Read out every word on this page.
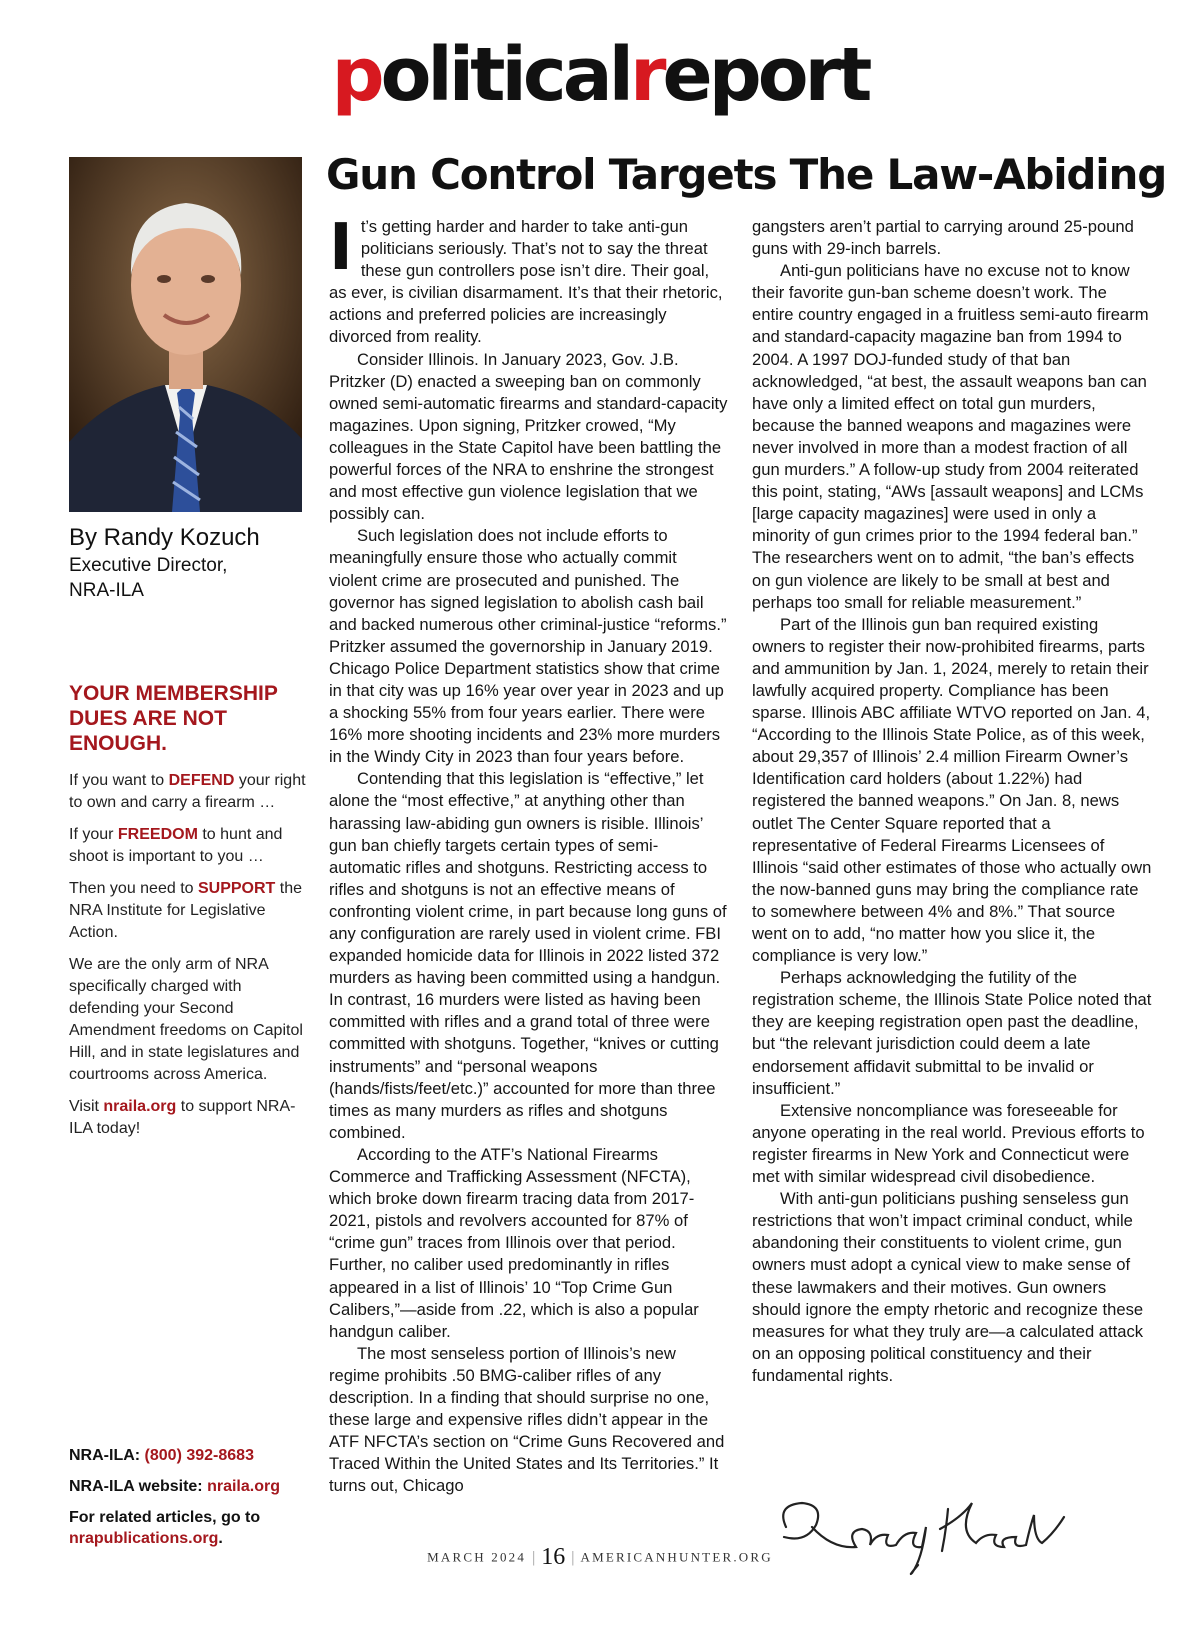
politicalreport
Gun Control Targets The Law-Abiding
By Randy Kozuch
Executive Director,
NRA-ILA
YOUR MEMBERSHIP DUES ARE NOT ENOUGH.

If you want to DEFEND your right to own and carry a firearm …

If your FREEDOM to hunt and shoot is important to you …

Then you need to SUPPORT the NRA Institute for Legislative Action.

We are the only arm of NRA specifically charged with defending your Second Amendment freedoms on Capitol Hill, and in state legislatures and courtrooms across America.

Visit nraila.org to support NRA-ILA today!

NRA-ILA: (800) 392-8683

NRA-ILA website: nraila.org

For related articles, go to nrapublications.org.

I t’s getting harder and harder to take anti-gun politicians seriously. That’s not to say the threat these gun controllers pose isn’t dire. Their goal, as ever, is civilian disarmament. It’s that their rhetoric, actions and preferred policies are increasingly divorced from reality.

Consider Illinois. In January 2023, Gov. J.B. Pritzker (D) enacted a sweeping ban on commonly owned semi-automatic firearms and standard-capacity magazines. Upon signing, Pritzker crowed, “My colleagues in the State Capitol have been battling the powerful forces of the NRA to enshrine the strongest and most effective gun violence legislation that we possibly can.

Such legislation does not include efforts to meaningfully ensure those who actually commit violent crime are prosecuted and punished. The governor has signed legislation to abolish cash bail and backed numerous other criminal-justice “reforms.” Pritzker assumed the governorship in January 2019. Chicago Police Department statistics show that crime in that city was up 16% year over year in 2023 and up a shocking 55% from four years earlier. There were 16% more shooting incidents and 23% more murders in the Windy City in 2023 than four years before.

Contending that this legislation is “effective,” let alone the “most effective,” at anything other than harassing law-abiding gun owners is risible. Illinois’ gun ban chiefly targets certain types of semi-automatic rifles and shotguns. Restricting access to rifles and shotguns is not an effective means of confronting violent crime, in part because long guns of any configuration are rarely used in violent crime. FBI expanded homicide data for Illinois in 2022 listed 372 murders as having been committed using a handgun. In contrast, 16 murders were listed as having been committed with rifles and a grand total of three were committed with shotguns. Together, “knives or cutting instruments” and “personal weapons (hands/fists/feet/etc.)” accounted for more than three times as many murders as rifles and shotguns combined.

According to the ATF’s National Firearms Commerce and Trafficking Assessment (NFCTA), which broke down firearm tracing data from 2017-2021, pistols and revolvers accounted for 87% of “crime gun” traces from Illinois over that period. Further, no caliber used predominantly in rifles appeared in a list of Illinois’ 10 “Top Crime Gun Calibers,”—aside from .22, which is also a popular handgun caliber.

The most senseless portion of Illinois’s new regime prohibits .50 BMG-caliber rifles of any description. In a finding that should surprise no one, these large and expensive rifles didn’t appear in the ATF NFCTA’s section on “Crime Guns Recovered and Traced Within the United States and Its Territories.” It turns out, Chicago

gangsters aren’t partial to carrying around 25-pound guns with 29-inch barrels.

Anti-gun politicians have no excuse not to know their favorite gun-ban scheme doesn’t work. The entire country engaged in a fruitless semi-auto firearm and standard-capacity magazine ban from 1994 to 2004. A 1997 DOJ-funded study of that ban acknowledged, “at best, the assault weapons ban can have only a limited effect on total gun murders, because the banned weapons and magazines were never involved in more than a modest fraction of all gun murders.” A follow-up study from 2004 reiterated this point, stating, “AWs [assault weapons] and LCMs [large capacity magazines] were used in only a minority of gun crimes prior to the 1994 federal ban.” The researchers went on to admit, “the ban’s effects on gun violence are likely to be small at best and perhaps too small for reliable measurement.”

Part of the Illinois gun ban required existing owners to register their now-prohibited firearms, parts and ammunition by Jan. 1, 2024, merely to retain their lawfully acquired property. Compliance has been sparse. Illinois ABC affiliate WTVO reported on Jan. 4, “According to the Illinois State Police, as of this week, about 29,357 of Illinois’ 2.4 million Firearm Owner’s Identification card holders (about 1.22%) had registered the banned weapons.” On Jan. 8, news outlet The Center Square reported that a representative of Federal Firearms Licensees of Illinois “said other estimates of those who actually own the now-banned guns may bring the compliance rate to somewhere between 4% and 8%.” That source went on to add, “no matter how you slice it, the compliance is very low.”

Perhaps acknowledging the futility of the registration scheme, the Illinois State Police noted that they are keeping registration open past the deadline, but “the relevant jurisdiction could deem a late endorsement affidavit submittal to be invalid or insufficient.”

Extensive noncompliance was foreseeable for anyone operating in the real world. Previous efforts to register firearms in New York and Connecticut were met with similar widespread civil disobedience.

With anti-gun politicians pushing senseless gun restrictions that won’t impact criminal conduct, while abandoning their constituents to violent crime, gun owners must adopt a cynical view to make sense of these lawmakers and their motives. Gun owners should ignore the empty rhetoric and recognize these measures for what they truly are—a calculated attack on an opposing political constituency and their fundamental rights.

MARCH 2024 | 16 | AMERICANHUNTER.ORG
